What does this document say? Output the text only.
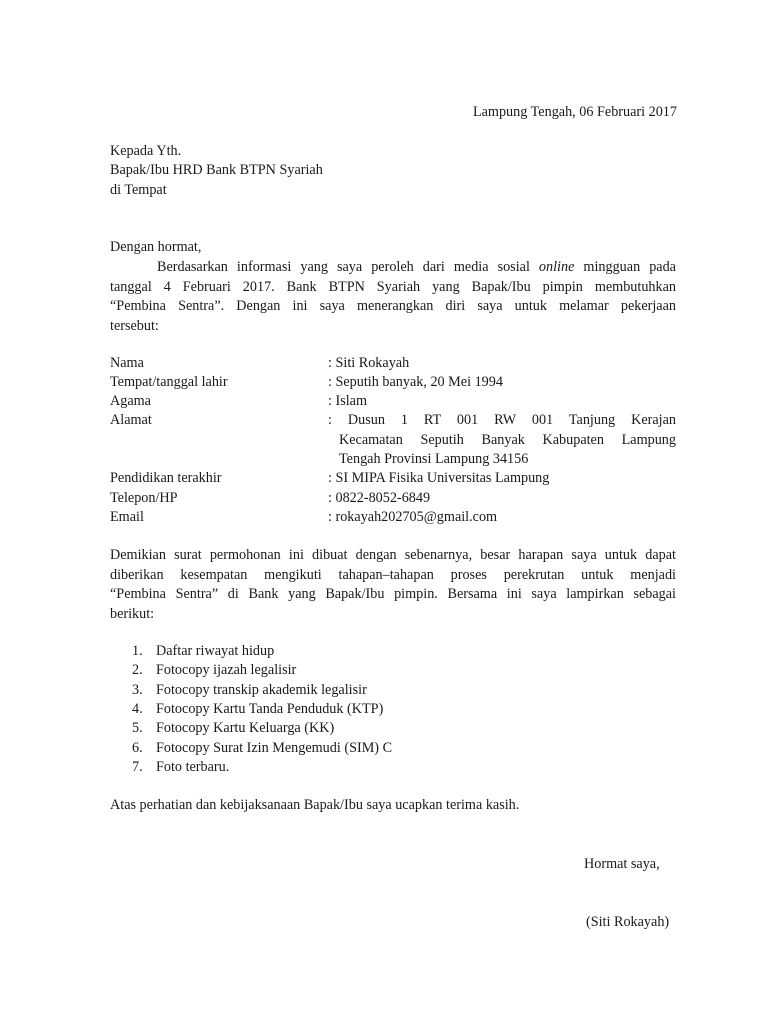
Lampung Tengah, 06 Februari 2017
Kepada Yth.
Bapak/Ibu HRD Bank BTPN Syariah
di Tempat
Dengan hormat,
Berdasarkan informasi yang saya peroleh dari media sosial online mingguan pada
tanggal 4 Februari 2017. Bank BTPN Syariah yang Bapak/Ibu pimpin membutuhkan
“Pembina Sentra”. Dengan ini saya menerangkan diri saya untuk melamar pekerjaan
tersebut:
Nama	: Siti Rokayah
Tempat/tanggal lahir	: Seputih banyak, 20 Mei 1994
Agama	: Islam
Alamat	: Dusun 1 RT 001 RW 001 Tanjung Kerajan
Kecamatan Seputih Banyak Kabupaten Lampung
Tengah Provinsi Lampung 34156
Pendidikan terakhir	: SI MIPA Fisika Universitas Lampung
Telepon/HP	: 0822-8052-6849
Email	: rokayah202705@gmail.com
Demikian surat permohonan ini dibuat dengan sebenarnya, besar harapan saya untuk dapat
diberikan kesempatan mengikuti tahapan–tahapan proses perekrutan untuk menjadi
“Pembina Sentra” di Bank yang Bapak/Ibu pimpin. Bersama ini saya lampirkan sebagai
berikut:
1. Daftar riwayat hidup
2. Fotocopy ijazah legalisir
3. Fotocopy transkip akademik legalisir
4. Fotocopy Kartu Tanda Penduduk (KTP)
5. Fotocopy Kartu Keluarga (KK)
6. Fotocopy Surat Izin Mengemudi (SIM) C
7. Foto terbaru.
Atas perhatian dan kebijaksanaan Bapak/Ibu saya ucapkan terima kasih.
Hormat saya,
(Siti Rokayah)
